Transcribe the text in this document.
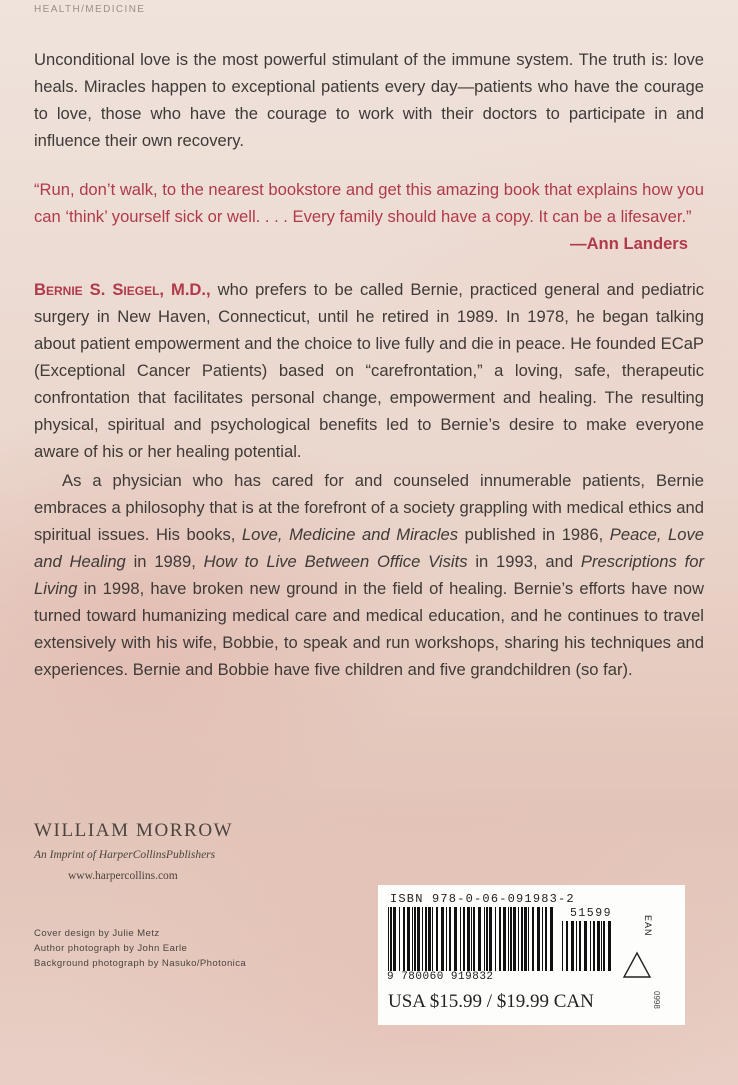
HEALTH/MEDICINE
Unconditional love is the most powerful stimulant of the immune system. The truth is: love heals. Miracles happen to exceptional patients every day—patients who have the courage to love, those who have the courage to work with their doctors to participate in and influence their own recovery.
“Run, don’t walk, to the nearest bookstore and get this amazing book that explains how you can ‘think’ yourself sick or well. . . . Every family should have a copy. It can be a lifesaver.”
—Ann Landers

Bernie S. Siegel, M.D., who prefers to be called Bernie, practiced general and pediatric surgery in New Haven, Connecticut, until he retired in 1989. In 1978, he began talking about patient empowerment and the choice to live fully and die in peace. He founded ECaP (Exceptional Cancer Patients) based on “carefrontation,” a loving, safe, therapeutic confrontation that facilitates personal change, empowerment and healing. The resulting physical, spiritual and psychological benefits led to Bernie’s desire to make everyone aware of his or her healing potential.

As a physician who has cared for and counseled innumerable patients, Bernie embraces a philosophy that is at the forefront of a society grappling with medical ethics and spiritual issues. His books, Love, Medicine and Miracles published in 1986, Peace, Love and Healing in 1989, How to Live Between Office Visits in 1993, and Prescriptions for Living in 1998, have broken new ground in the field of healing. Bernie’s efforts have now turned toward humanizing medical care and medical education, and he continues to travel extensively with his wife, Bobbie, to speak and run workshops, sharing his techniques and experiences. Bernie and Bobbie have five children and five grandchildren (so far).

WILLIAM MORROW
An Imprint of HarperCollinsPublishers
www.harpercollins.com
Cover design by Julie Metz
Author photograph by John Earle
Background photograph by Nasuko/Photonica
ISBN 978-0-06-091983-2
51599
EAN
9 780060 919832
USA $15.99 / $19.99 CAN	0998
